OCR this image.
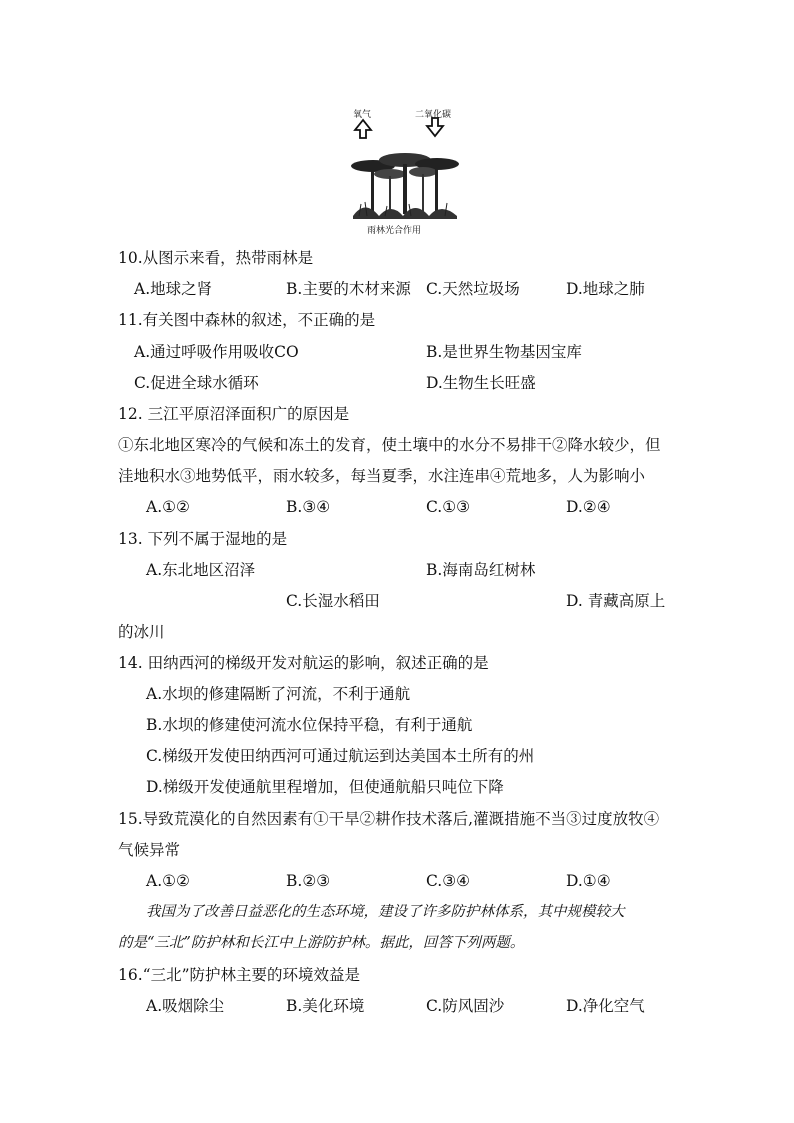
氧气	二氧化碳
雨林光合作用
10.从图示来看，热带雨林是
A.地球之肾	B.主要的木材来源 C.天然垃圾场	D.地球之肺
11.有关图中森林的叙述，不正确的是
A.通过呼吸作用吸收CO	B.是世界生物基因宝库
C.促进全球水循环	D.生物生长旺盛
12. 三江平原沼泽面积广的原因是
①东北地区寒冷的气候和冻土的发育，使土壤中的水分不易排干②降水较少，但
洼地积水③地势低平，雨水较多，每当夏季，水注连串④荒地多，人为影响小
A.①②	B.③④	C.①③	D.②④
13. 下列不属于湿地的是
A.东北地区沼泽	B.海南岛红树林
C.长湿水稻田	D. 青藏高原上
的冰川
14. 田纳西河的梯级开发对航运的影响，叙述正确的是
A.水坝的修建隔断了河流，不利于通航
B.水坝的修建使河流水位保持平稳，有利于通航
C.梯级开发使田纳西河可通过航运到达美国本土所有的州
D.梯级开发使通航里程增加，但使通航船只吨位下降
15.导致荒漠化的自然因素有①干旱②耕作技术落后,灌溉措施不当③过度放牧④
气候异常
A.①②	B.②③	C.③④	D.①④
我国为了改善日益恶化的生态环境，建设了许多防护林体系，其中规模较大
的是“三北”防护林和长江中上游防护林。据此，回答下列两题。
16.“三北”防护林主要的环境效益是
A.吸烟除尘	B.美化环境	C.防风固沙	D.净化空气
